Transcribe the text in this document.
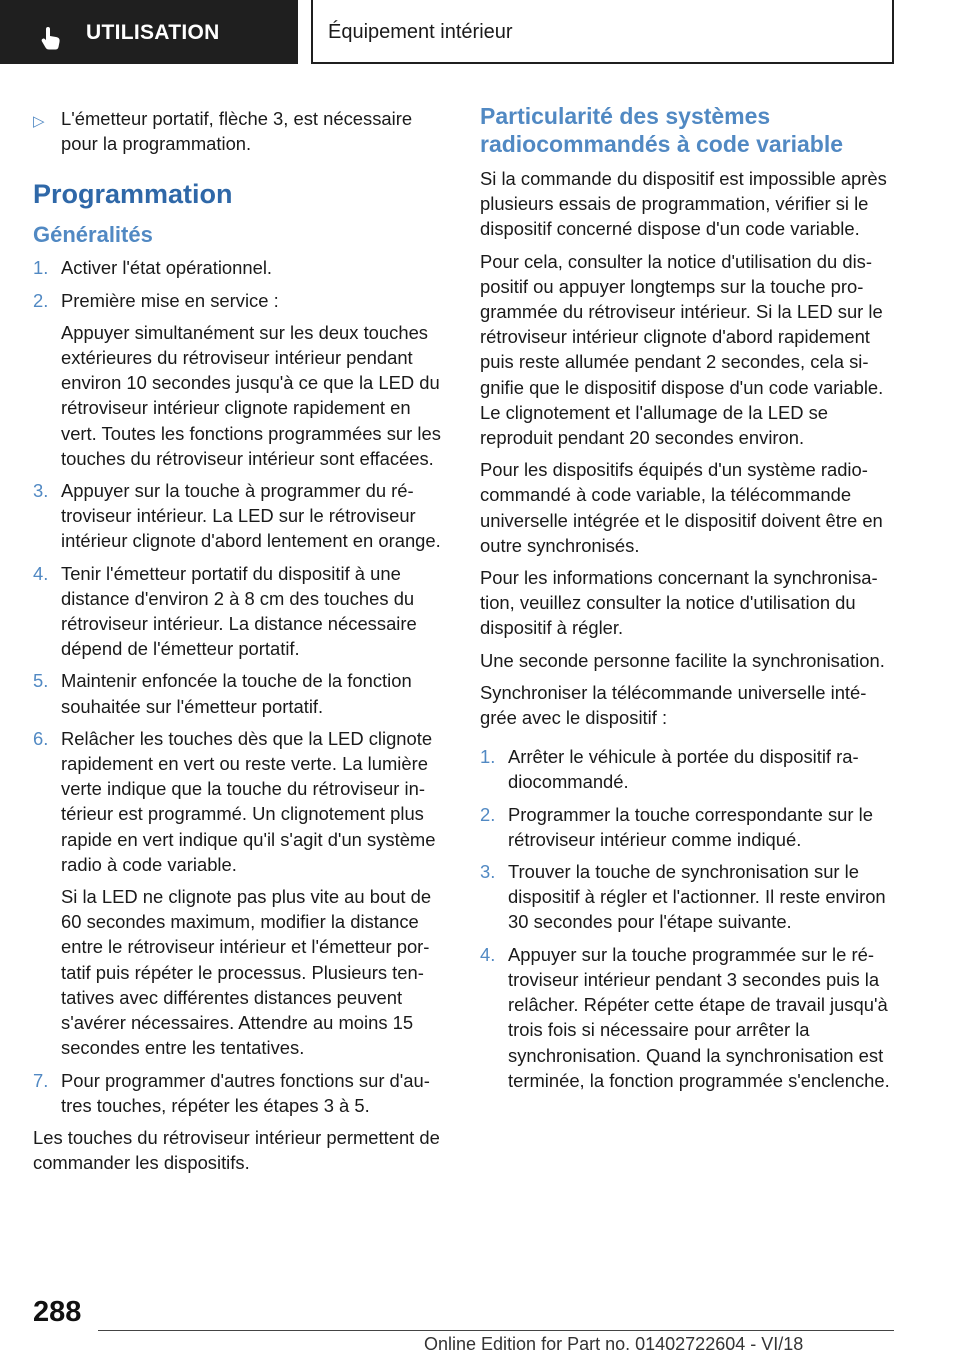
UTILISATION	Équipement intérieur
▷ L'émetteur portatif, flèche 3, est nécessaire pour la programmation.
Programmation
Généralités
1. Activer l'état opérationnel.
2. Première mise en service :
Appuyer simultanément sur les deux touches extérieures du rétroviseur intérieur pendant environ 10 secondes jusqu'à ce que la LED du rétroviseur intérieur clignote rapidement en vert. Toutes les fonctions programmées sur les touches du rétroviseur intérieur sont effacées.
3. Appuyer sur la touche à programmer du rétroviseur intérieur. La LED sur le rétroviseur intérieur clignote d'abord lentement en orange.
4. Tenir l'émetteur portatif du dispositif à une distance d'environ 2 à 8 cm des touches du rétroviseur intérieur. La distance nécessaire dépend de l'émetteur portatif.
5. Maintenir enfoncée la touche de la fonction souhaitée sur l'émetteur portatif.
6. Relâcher les touches dès que la LED clignote rapidement en vert ou reste verte. La lumière verte indique que la touche du rétroviseur intérieur est programmé. Un clignotement plus rapide en vert indique qu'il s'agit d'un système radio à code variable.
Si la LED ne clignote pas plus vite au bout de 60 secondes maximum, modifier la distance entre le rétroviseur intérieur et l'émetteur portatif puis répéter le processus. Plusieurs tentatives avec différentes distances peuvent s'avérer nécessaires. Attendre au moins 15 secondes entre les tentatives.
7. Pour programmer d'autres fonctions sur d'autres touches, répéter les étapes 3 à 5.

Les touches du rétroviseur intérieur permettent de commander les dispositifs.

Particularité des systèmes radiocommandés à code variable

Si la commande du dispositif est impossible après plusieurs essais de programmation, vérifier si le dispositif concerné dispose d'un code variable.

Pour cela, consulter la notice d'utilisation du dispositif ou appuyer longtemps sur la touche programmée du rétroviseur intérieur. Si la LED sur le rétroviseur intérieur clignote d'abord rapidement puis reste allumée pendant 2 secondes, cela signifie que le dispositif dispose d'un code variable. Le clignotement et l'allumage de la LED se reproduit pendant 20 secondes environ.

Pour les dispositifs équipés d'un système radiocommandé à code variable, la télécommande universelle intégrée et le dispositif doivent être en outre synchronisés.

Pour les informations concernant la synchronisation, veuillez consulter la notice d'utilisation du dispositif à régler.

Une seconde personne facilite la synchronisation.

Synchroniser la télécommande universelle intégrée avec le dispositif :

1. Arrêter le véhicule à portée du dispositif radiocommandé.
2. Programmer la touche correspondante sur le rétroviseur intérieur comme indiqué.
3. Trouver la touche de synchronisation sur le dispositif à régler et l'actionner. Il reste environ 30 secondes pour l'étape suivante.
4. Appuyer sur la touche programmée sur le rétroviseur intérieur pendant 3 secondes puis la relâcher. Répéter cette étape de travail jusqu'à trois fois si nécessaire pour arrêter la synchronisation. Quand la synchronisation est terminée, la fonction programmée s'enclenche.
288
Online Edition for Part no. 01402722604 - VI/18
